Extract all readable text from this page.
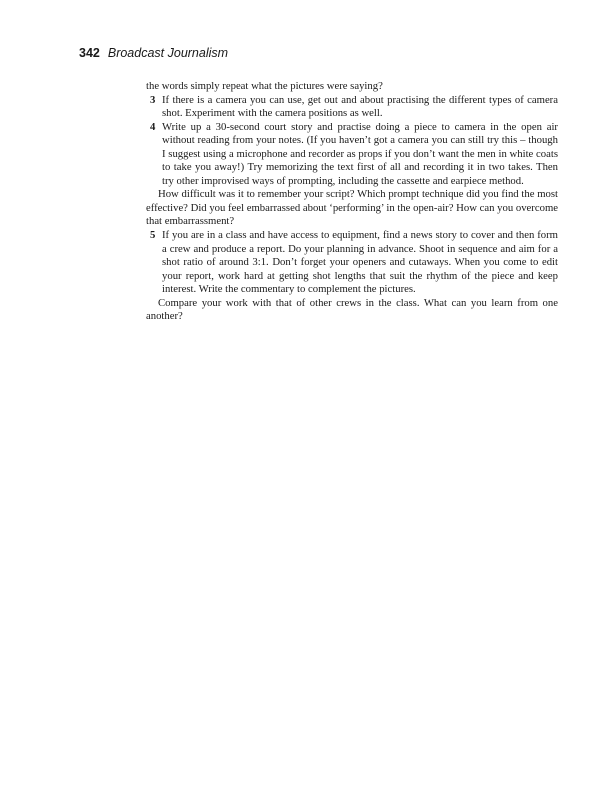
342 Broadcast Journalism

the words simply repeat what the pictures were saying?

3 If there is a camera you can use, get out and about practising the different types of camera shot. Experiment with the camera positions as well.

4 Write up a 30-second court story and practise doing a piece to camera in the open air without reading from your notes. (If you haven’t got a camera you can still try this – though I suggest using a microphone and recorder as props if you don’t want the men in white coats to take you away!) Try memorizing the text first of all and recording it in two takes. Then try other improvised ways of prompting, including the cassette and earpiece method.

How difficult was it to remember your script? Which prompt technique did you find the most effective? Did you feel embarrassed about ‘performing’ in the open-air? How can you overcome that embarrassment?

5 If you are in a class and have access to equipment, find a news story to cover and then form a crew and produce a report. Do your planning in advance. Shoot in sequence and aim for a shot ratio of around 3:1. Don’t forget your openers and cutaways. When you come to edit your report, work hard at getting shot lengths that suit the rhythm of the piece and keep interest. Write the commentary to complement the pictures.

Compare your work with that of other crews in the class. What can you learn from one another?
